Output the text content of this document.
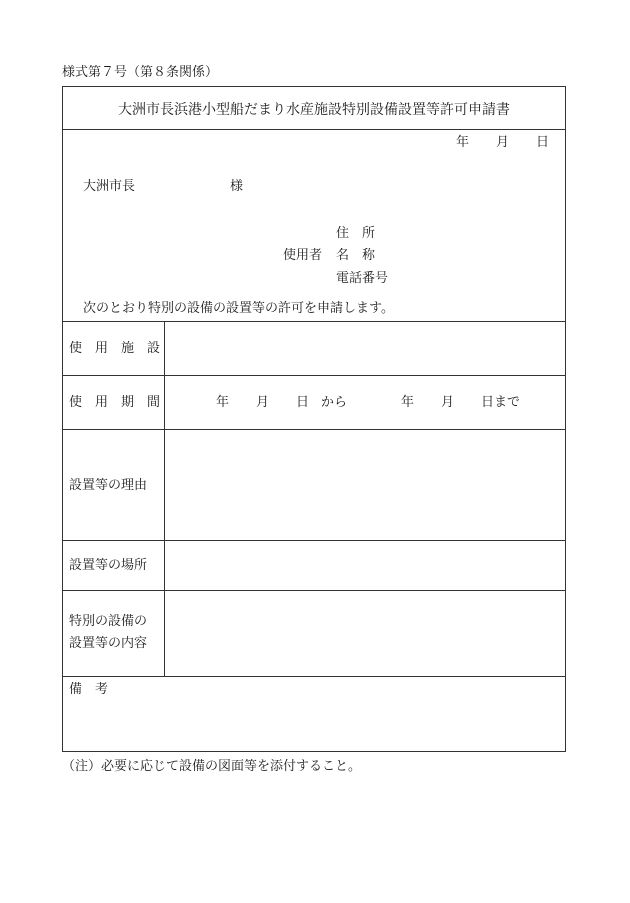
様式第７号（第８条関係）
大洲市長浜港小型船だまり水産施設特別設備設置等許可申請書
年 月 日
大洲市長	様
住　所
使用者 名　称
電話番号
次のとおり特別の設備の設置等の許可を申請します。
使　用　施　設
使　用　期　間	年 月 日 から	年 月 日まで
設置等の理由
設置等の場所
特別の設備の
設置等の内容
備　考
（注）必要に応じて設備の図面等を添付すること。
